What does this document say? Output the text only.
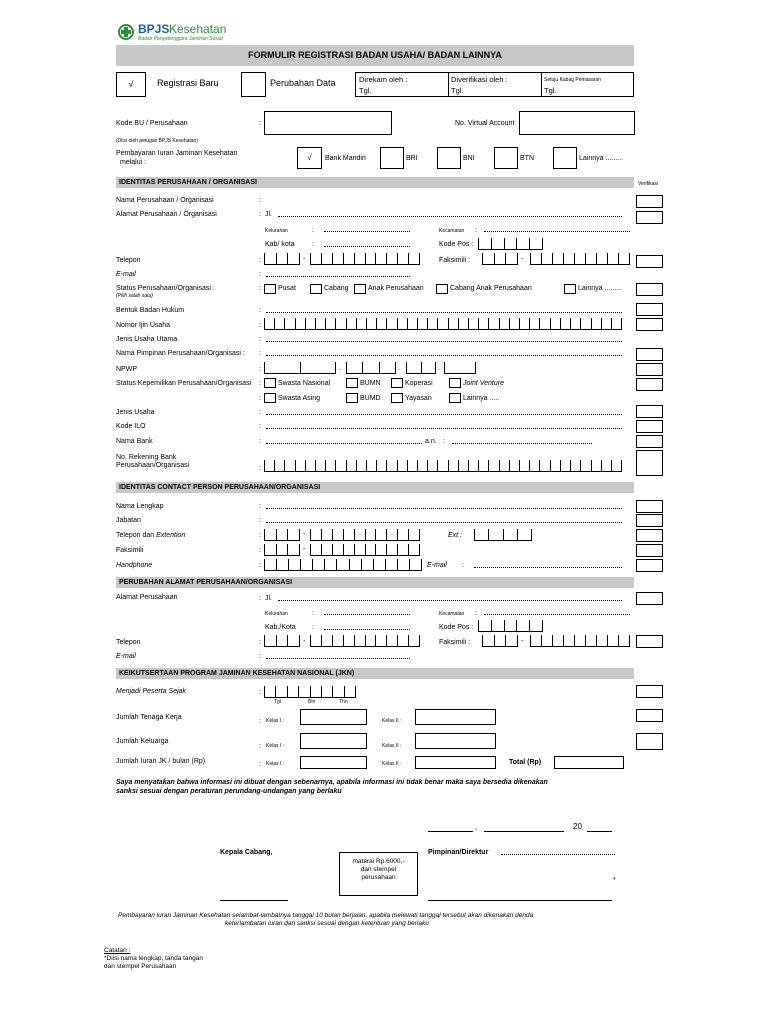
BPJS Kesehatan
Badan Penyelenggara Jaminan Sosial
FORMULIR REGISTRASI BADAN USAHA/ BADAN LAINNYA
√	Registrasi Baru	Perubahan Data	Direkam oleh :
Tgl.
Diverifikasi oleh :
Tgl.
Setuju Kabag Pemasaran
Tgl.
Kode BU / Perusahaan	:	No. Virtual Account
(Diisi oleh petugas BPJS Kesehatan)
Pembayaran Iuran Jaminan Kesehatan
melalui :
√	Bank Mandiri	BRI	BNI	BTN	Lainnya .........
IDENTITAS PERUSAHAAN / ORGANISASI	Verifikasi
Nama Perusahaan / Organisasi	:
Alamat Perusahaan / Organisasi	: Jl.
Kelurahan	:	Kecamatan :
Kab/ kota :	Kode Pos :
Telepon	:	-	Faksimili :	-
E-mail	:
Status Perusahaan/Organisasi :
(Pilih salah satu)
: Pusat	Cabang	Anak Perusahaan	Cabang Anak Perusahaan	Lainnya .........
Bentuk Badan Hukum	:
Nomor Ijin Usaha	:
Jenis Usaha Utama	:
Nama Pimpinan Perusahaan/Organisasi : :
NPWP	:	.	.	.
Status Kepemilikan Perusahaan/Organisasi : Swasta Nasional	BUMN	Koperasi	Joint Venture
: Swasta Asing	BUMD	Yayasan	Lainnya .....
Jenis Usaha	:
Kode ILO	:
Nama Bank	:	a.n. :
No. Rekening Bank
Perusahaan/Organisasi	:
IDENTITAS CONTACT PERSON PERUSAHAAN/ORGANISASI
Nama Lengkap	:
Jabatan	:
Telepon dan Extention	:	-	Ext :
Faksimili	:	-
Handphone	:	E-mail :
PERUBAHAN ALAMAT PERUSAHAAN/ORGANISASI
Alamat Perusahaan	: Jl.
Kelurahan	:	Kecamatan :
Kab./Kota :	Kode Pos :
Telepon	:	-	Faksimili :	-
E-mail	:
KEIKUTSERTAAN PROGRAM JAMINAN KESEHATAN NASIONAL (JKN)
Menjadi Peserta Sejak	:
Tgl	Bln	Thn
Jumlah Tenaga Kerja
: Kelas I :	Kelas II :
Jumlah Keluarga
: Kelas I :	Kelas II :
Jumlah Iuran JK / bulan (Rp)	: Kelas I :	Kelas II :	Total (Rp)
Saya menyatakan bahwa informasi ini dibuat dengan sebenarnya, apabila informasi ini tidak benar maka saya bersedia dikenakan
sanksi sesuai dengan peraturan perundang-undangan yang berlaku
,	20
Kepala Cabang,	Pimpinan/Direktur
materai Rp.6000,-
dan stempel
perusahaan	*
Pembayaran iuran Jaminan Kesehatan selambat-lambatnya tanggal 10 bulan berjalan, apabila melewati tanggal tersebut akan dikenakan denda
keterlambatan iuran dan sanksi sesuai dengan ketentuan yang berlaku
Catatan :
*Diisi nama lengkap, tanda tangan
dan stempel Perusahaan
